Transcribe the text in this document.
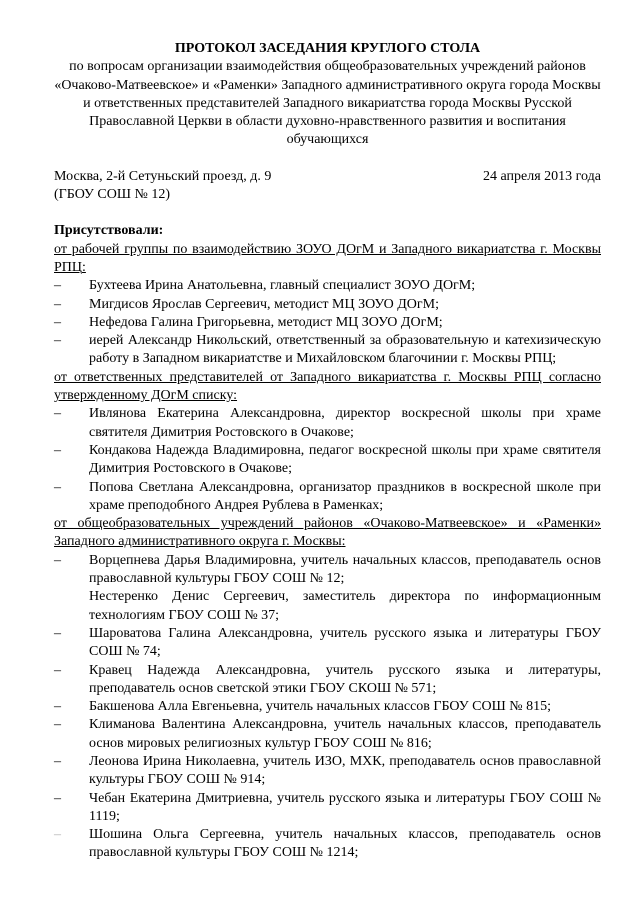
ПРОТОКОЛ ЗАСЕДАНИЯ КРУГЛОГО СТОЛА

по вопросам организации взаимодействия общеобразовательных учреждений районов «Очаково-Матвеевское» и «Раменки» Западного административного округа города Москвы и ответственных представителей Западного викариатства города Москвы Русской Православной Церкви в области духовно-нравственного развития и воспитания обучающихся

Москва, 2-й Сетуньский проезд, д. 9	24 апреля 2013 года

(ГБОУ СОШ № 12)

Присутствовали:

от рабочей группы по взаимодействию ЗОУО ДОгМ и Западного викариатства г. Москвы РПЦ:

–	Бухтеева Ирина Анатольевна, главный специалист ЗОУО ДОгМ;
–	Мигдисов Ярослав Сергеевич, методист МЦ ЗОУО ДОгМ;
–	Нефедова Галина Григорьевна, методист МЦ ЗОУО ДОгМ;
–	иерей Александр Никольский, ответственный за образовательную и катехизическую работу в Западном викариатстве и Михайловском благочинии г. Москвы РПЦ;

от ответственных представителей от Западного викариатства г. Москвы РПЦ согласно утвержденному ДОгМ списку:

–	Ивлянова Екатерина Александровна, директор воскресной школы при храме святителя Димитрия Ростовского в Очакове;
–	Кондакова Надежда Владимировна, педагог воскресной школы при храме святителя Димитрия Ростовского в Очакове;
–	Попова Светлана Александровна, организатор праздников в воскресной школе при храме преподобного Андрея Рублева в Раменках;

от общеобразовательных учреждений районов «Очаково-Матвеевское» и «Раменки» Западного административного округа г. Москвы:

–	Ворцепнева Дарья Владимировна, учитель начальных классов, преподаватель основ православной культуры ГБОУ СОШ № 12;
Нестеренко Денис Сергеевич, заместитель директора по информационным технологиям ГБОУ СОШ № 37;
–	Шароватова Галина Александровна, учитель русского языка и литературы ГБОУ СОШ № 74;
–	Кравец Надежда Александровна, учитель русского языка и литературы, преподаватель основ светской этики ГБОУ СКОШ № 571;
–	Бакшенова Алла Евгеньевна, учитель начальных классов ГБОУ СОШ № 815;
–	Климанова Валентина Александровна, учитель начальных классов, преподаватель основ мировых религиозных культур ГБОУ СОШ № 816;
–	Леонова Ирина Николаевна, учитель ИЗО, МХК, преподаватель основ православной культуры ГБОУ СОШ № 914;
–	Чебан Екатерина Дмитриевна, учитель русского языка и литературы ГБОУ СОШ № 1119;
–	Шошина Ольга Сергеевна, учитель начальных классов, преподаватель основ православной культуры ГБОУ СОШ № 1214;
